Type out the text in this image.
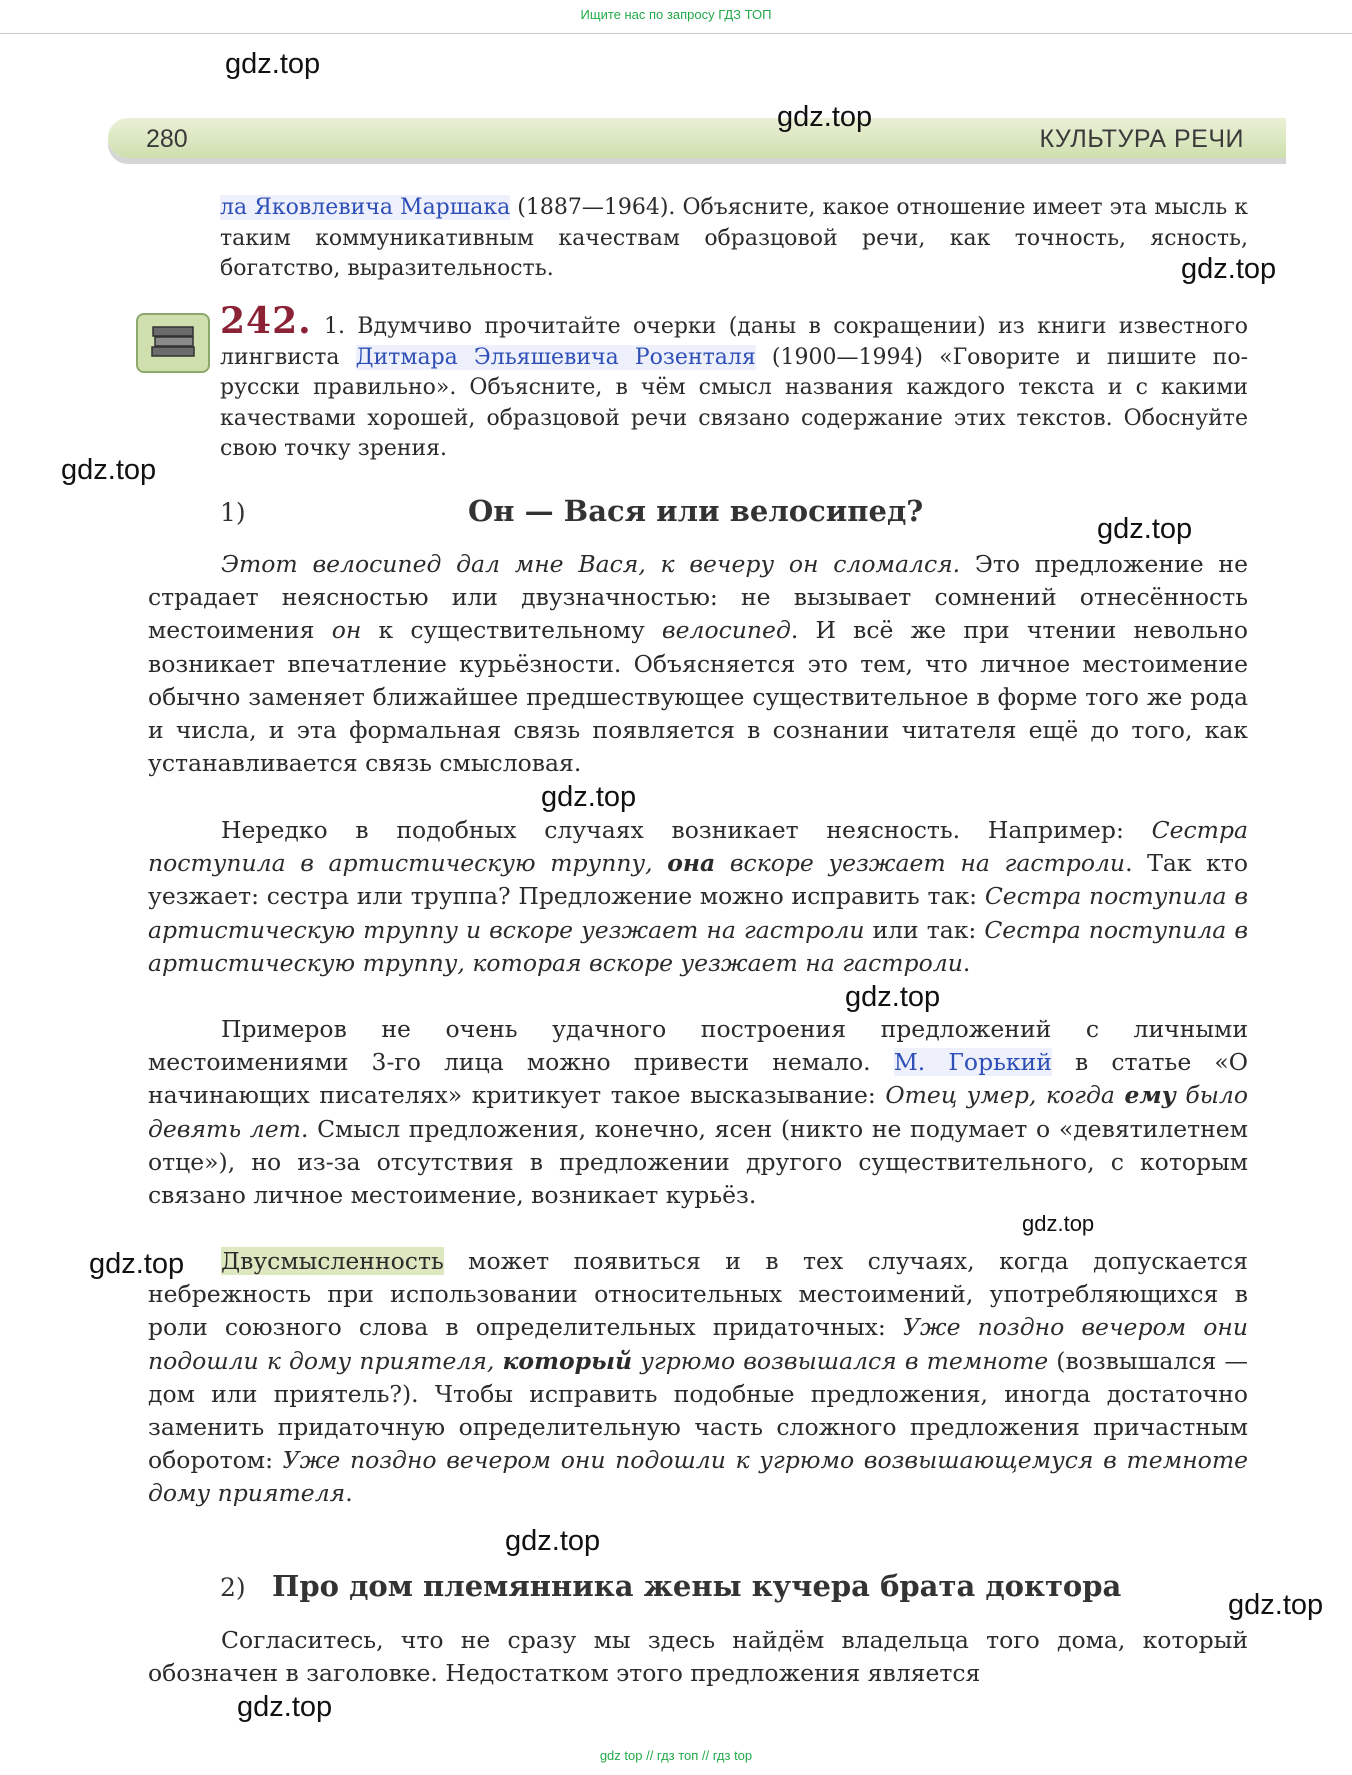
Ищите нас по запросу ГДЗ ТОП
280	КУЛЬТУРА РЕЧИ

ла Яковлевича Маршака (1887—1964). Объясните, какое отношение имеет эта мысль к таким коммуникативным качествам образцовой речи, как точность, ясность, богатство, выразительность.

242. 1. Вдумчиво прочитайте очерки (даны в сокращении) из книги известного лингвиста Дитмара Эльяшевича Розенталя (1900—1994) «Говорите и пишите по-русски правильно». Объясните, в чём смысл названия каждого текста и с какими качествами хорошей, образцовой речи связано содержание этих текстов. Обоснуйте свою точку зрения.

1)	Он — Вася или велосипед?

Этот велосипед дал мне Вася, к вечеру он сломался. Это предложение не страдает неясностью или двузначностью: не вызывает сомнений отнесённость местоимения он к существительному велосипед. И всё же при чтении невольно возникает впечатление курьёзности. Объясняется это тем, что личное местоимение обычно заменяет ближайшее предшествующее существительное в форме того же рода и числа, и эта формальная связь появляется в сознании читателя ещё до того, как устанавливается связь смысловая.

Нередко в подобных случаях возникает неясность. Например: Сестра поступила в артистическую труппу, она вскоре уезжает на гастроли. Так кто уезжает: сестра или труппа? Предложение можно исправить так: Сестра поступила в артистическую труппу и вскоре уезжает на гастроли или так: Сестра поступила в артистическую труппу, которая вскоре уезжает на гастроли.

Примеров не очень удачного построения предложений с личными местоимениями 3-го лица можно привести немало. М. Горький в статье «О начинающих писателях» критикует такое высказывание: Отец умер, когда ему было девять лет. Смысл предложения, конечно, ясен (никто не подумает о «девятилетнем отце»), но из-за отсутствия в предложении другого существительного, с которым связано личное местоимение, возникает курьёз.

Двусмысленность может появиться и в тех случаях, когда допускается небрежность при использовании относительных местоимений, употребляющихся в роли союзного слова в определительных придаточных: Уже поздно вечером они подошли к дому приятеля, который угрюмо возвышался в темноте (возвышался — дом или приятель?). Чтобы исправить подобные предложения, иногда достаточно заменить придаточную определительную часть сложного предложения причастным оборотом: Уже поздно вечером они подошли к угрюмо возвышающемуся в темноте дому приятеля.

2) Про дом племянника жены кучера брата доктора

Согласитесь, что не сразу мы здесь найдём владельца того дома, который обозначен в заголовке. Недостатком этого предложения является

gdz.top
gdz.top
gdz.top
gdz.top
gdz.top
gdz.top
gdz.top
gdz.top
gdz.top
gdz.top
gdz.top
gdz.top
gdz top // гдз топ // гдз top
